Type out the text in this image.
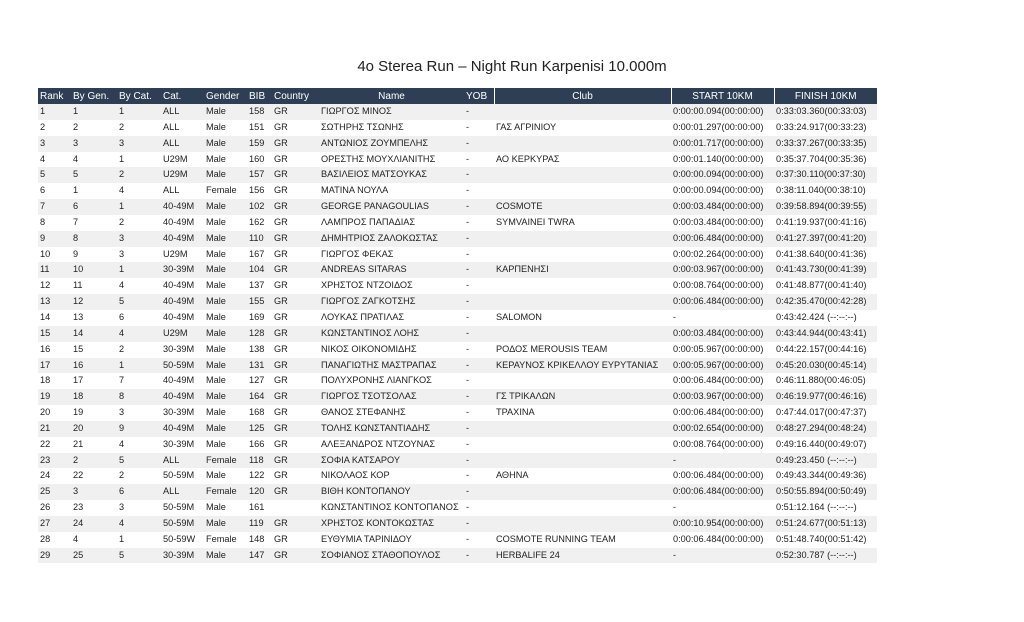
4o Sterea Run – Night Run Karpenisi 10.000m
Rank	By Gen.	By Cat.	Cat.	Gender	BIB	Country	Name	YOB	Club	START 10KM	FINISH 10KM
1	1	1	ALL	Male	158	GR	ΓΙΩΡΓΟΣ ΜΙΝΟΣ	-		0:00:00.094(00:00:00)	0:33:03.360(00:33:03)
2	2	2	ALL	Male	151	GR	ΣΩΤΗΡΗΣ ΤΣΩΝΗΣ	-	ΓΑΣ ΑΓΡΙΝΙΟΥ	0:00:01.297(00:00:00)	0:33:24.917(00:33:23)
3	3	3	ALL	Male	159	GR	ΑΝΤΩΝΙΟΣ ΖΟΥΜΠΕΛΗΣ	-		0:00:01.717(00:00:00)	0:33:37.267(00:33:35)
4	4	1	U29M	Male	160	GR	ΟΡΕΣΤΗΣ ΜΟΥΧΛΙΑΝΙΤΗΣ	-	ΑΟ ΚΕΡΚΥΡΑΣ	0:00:01.140(00:00:00)	0:35:37.704(00:35:36)
5	5	2	U29M	Male	157	GR	ΒΑΣΙΛΕΙΟΣ ΜΑΤΣΟΥΚΑΣ	-		0:00:00.094(00:00:00)	0:37:30.110(00:37:30)
6	1	4	ALL	Female	156	GR	ΜΑΤΙΝΑ ΝΟΥΛΑ	-		0:00:00.094(00:00:00)	0:38:11.040(00:38:10)
7	6	1	40-49M	Male	102	GR	GEORGE PANAGOULIAS	-	COSMOTE	0:00:03.484(00:00:00)	0:39:58.894(00:39:55)
8	7	2	40-49M	Male	162	GR	ΛΑΜΠΡΟΣ ΠΑΠΑΔΙΑΣ	-	SYMVAINEI TWRA	0:00:03.484(00:00:00)	0:41:19.937(00:41:16)
9	8	3	40-49M	Male	110	GR	ΔΗΜΗΤΡΙΟΣ ΖΑΛΟΚΩΣΤΑΣ	-		0:00:06.484(00:00:00)	0:41:27.397(00:41:20)
10	9	3	U29M	Male	167	GR	ΓΙΩΡΓΟΣ ΦΕΚΑΣ	-		0:00:02.264(00:00:00)	0:41:38.640(00:41:36)
11	10	1	30-39M	Male	104	GR	ANDREAS SITARAS	-	ΚΑΡΠΕΝΗΣΙ	0:00:03.967(00:00:00)	0:41:43.730(00:41:39)
12	11	4	40-49M	Male	137	GR	ΧΡΗΣΤΟΣ ΝΤΖΟΙΔΟΣ	-		0:00:08.764(00:00:00)	0:41:48.877(00:41:40)
13	12	5	40-49M	Male	155	GR	ΓΙΩΡΓΟΣ ΖΑΓΚΟΤΣΗΣ	-		0:00:06.484(00:00:00)	0:42:35.470(00:42:28)
14	13	6	40-49M	Male	169	GR	ΛΟΥΚΑΣ ΠΡΑΤΙΛΑΣ	-	SALOMON	-	0:43:42.424 (--:--:--)
15	14	4	U29M	Male	128	GR	ΚΩΝΣΤΑΝΤΙΝΟΣ ΛΟΗΣ	-		0:00:03.484(00:00:00)	0:43:44.944(00:43:41)
16	15	2	30-39M	Male	138	GR	ΝΙΚΟΣ ΟΙΚΟΝΟΜΙΔΗΣ	-	ΡΟΔΟΣ MEROUSIS TEAM	0:00:05.967(00:00:00)	0:44:22.157(00:44:16)
17	16	1	50-59M	Male	131	GR	ΠΑΝΑΓΙΩΤΗΣ ΜΑΣΤΡΑΠΑΣ	-	ΚΕΡΑΥΝΟΣ ΚΡΙΚΕΛΛΟΥ ΕΥΡΥΤΑΝΙΑΣ	0:00:05.967(00:00:00)	0:45:20.030(00:45:14)
18	17	7	40-49M	Male	127	GR	ΠΟΛΥΧΡΟΝΗΣ ΛΙΑΝΓΚΟΣ	-		0:00:06.484(00:00:00)	0:46:11.880(00:46:05)
19	18	8	40-49M	Male	164	GR	ΓΙΩΡΓΟΣ ΤΣΟΤΣΟΛΑΣ	-	ΓΣ ΤΡΙΚΑΛΩΝ	0:00:03.967(00:00:00)	0:46:19.977(00:46:16)
20	19	3	30-39M	Male	168	GR	ΘΑΝΟΣ ΣΤΕΦΑΝΗΣ	-	ΤΡΑΧΙΝΑ	0:00:06.484(00:00:00)	0:47:44.017(00:47:37)
21	20	9	40-49M	Male	125	GR	ΤΟΛΗΣ ΚΩΝΣΤΑΝΤΙΑΔΗΣ	-		0:00:02.654(00:00:00)	0:48:27.294(00:48:24)
22	21	4	30-39M	Male	166	GR	ΑΛΕΞΑΝΔΡΟΣ ΝΤΖΟΥΝΑΣ	-		0:00:08.764(00:00:00)	0:49:16.440(00:49:07)
23	2	5	ALL	Female	118	GR	ΣΟΦΙΑ ΚΑΤΣΑΡΟΥ	-		-	0:49:23.450 (--:--:--)
24	22	2	50-59M	Male	122	GR	ΝΙΚΟΛΑΟΣ ΚΟΡ	-	ΑΘΗΝΑ	0:00:06.484(00:00:00)	0:49:43.344(00:49:36)
25	3	6	ALL	Female	120	GR	ΒΙΘΗ ΚΟΝΤΟΠΑΝΟΥ	-		0:00:06.484(00:00:00)	0:50:55.894(00:50:49)
26	23	3	50-59M	Male	161		ΚΩΝΣΤΑΝΤΙΝΟΣ ΚΟΝΤΟΠΑΝΟΣ	-		-	0:51:12.164 (--:--:--)
27	24	4	50-59M	Male	119	GR	ΧΡΗΣΤΟΣ ΚΟΝΤΟΚΩΣΤΑΣ	-		0:00:10.954(00:00:00)	0:51:24.677(00:51:13)
28	4	1	50-59W	Female	148	GR	ΕΥΘΥΜΙΑ ΤΑΡΙΝΙΔΟΥ	-	COSMOTE RUNNING TEAM	0:00:06.484(00:00:00)	0:51:48.740(00:51:42)
29	25	5	30-39M	Male	147	GR	ΣΟΦΙΑΝΟΣ ΣΤΑΘΟΠΟΥΛΟΣ	-	HERBALIFE 24	-	0:52:30.787 (--:--:--)
